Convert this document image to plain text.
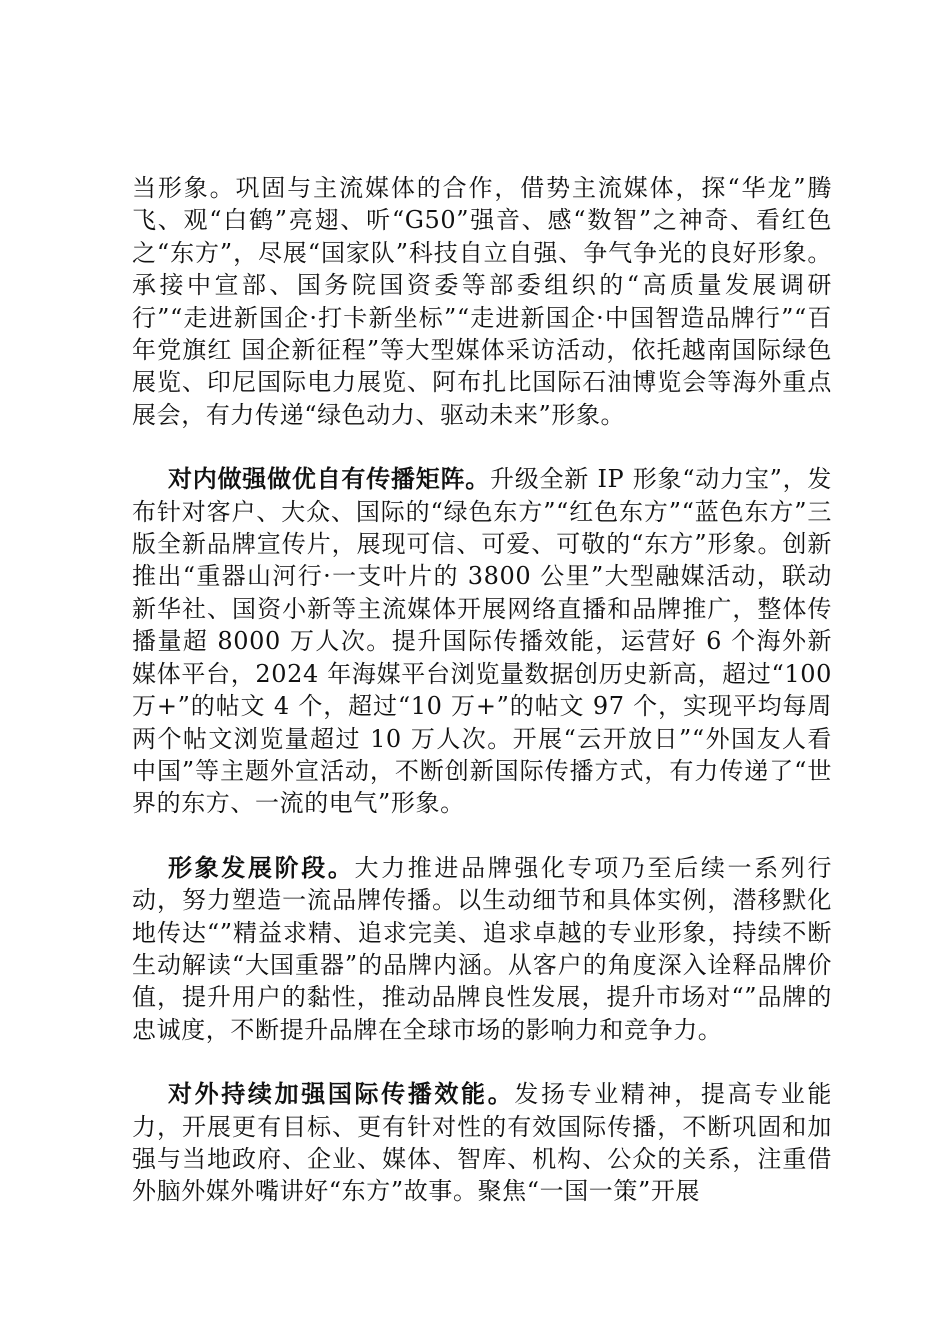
当形象。巩固与主流媒体的合作，借势主流媒体，探“华龙”腾飞、观“白鹤”亮翅、听“G50”强音、感“数智”之神奇、看红色之“东方”，尽展“国家队”科技自立自强、争气争光的良好形象。承接中宣部、国务院国资委等部委组织的“高质量发展调研行”“走进新国企·打卡新坐标”“走进新国企·中国智造品牌行”“百年党旗红 国企新征程”等大型媒体采访活动，依托越南国际绿色展览、印尼国际电力展览、阿布扎比国际石油博览会等海外重点展会，有力传递“绿色动力、驱动未来”形象。

对内做强做优自有传播矩阵。升级全新 IP 形象“动力宝”，发布针对客户、大众、国际的“绿色东方”“红色东方”“蓝色东方”三版全新品牌宣传片，展现可信、可爱、可敬的“东方”形象。创新推出“重器山河行·一支叶片的 3800 公里”大型融媒活动，联动新华社、国资小新等主流媒体开展网络直播和品牌推广，整体传播量超 8000 万人次。提升国际传播效能，运营好 6 个海外新媒体平台，2024 年海媒平台浏览量数据创历史新高，超过“100 万+”的帖文 4 个，超过“10 万+”的帖文 97 个，实现平均每周两个帖文浏览量超过 10 万人次。开展“云开放日”“外国友人看中国”等主题外宣活动，不断创新国际传播方式，有力传递了“世界的东方、一流的电气”形象。

形象发展阶段。大力推进品牌强化专项乃至后续一系列行动，努力塑造一流品牌传播。以生动细节和具体实例，潜移默化地传达“”精益求精、追求完美、追求卓越的专业形象，持续不断生动解读“大国重器”的品牌内涵。从客户的角度深入诠释品牌价值，提升用户的黏性，推动品牌良性发展，提升市场对“”品牌的忠诚度，不断提升品牌在全球市场的影响力和竞争力。

对外持续加强国际传播效能。发扬专业精神，提高专业能力，开展更有目标、更有针对性的有效国际传播，不断巩固和加强与当地政府、企业、媒体、智库、机构、公众的关系，注重借外脑外媒外嘴讲好“东方”故事。聚焦“一国一策”开展
